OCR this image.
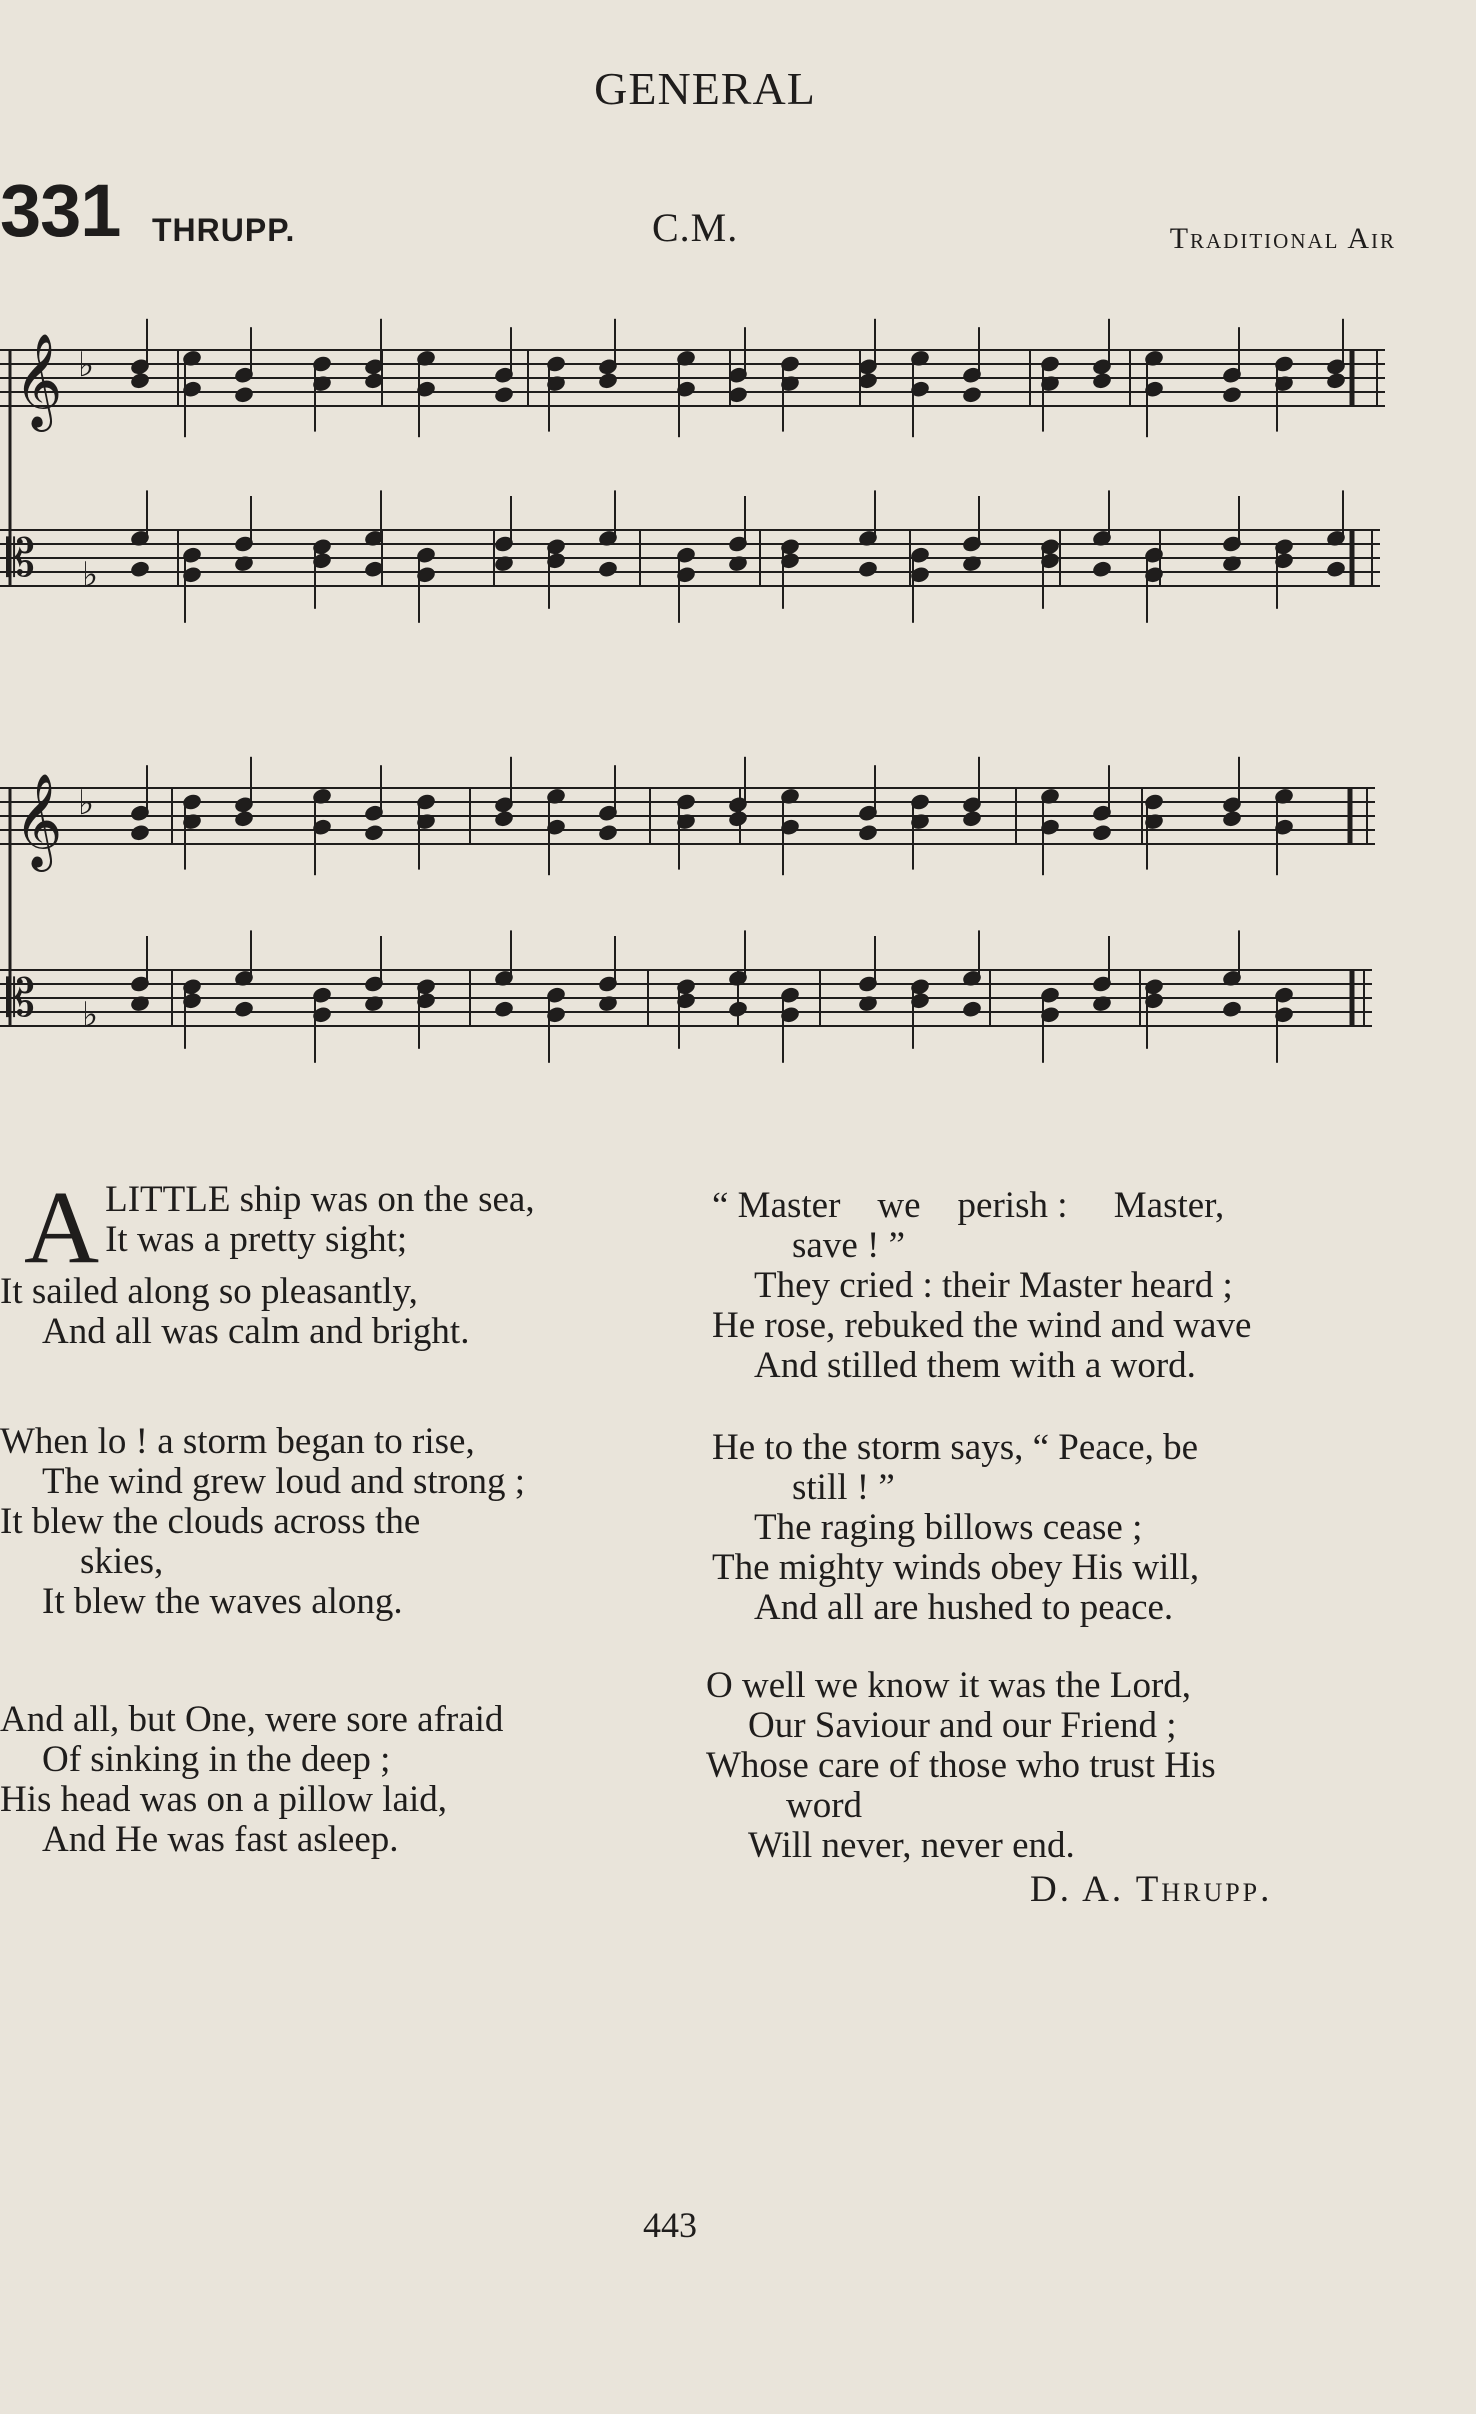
GENERAL
331 THRUPP.	C.M.	Traditional Air
𝄞
𝄞
𝄡
𝄡
♭
♭
♭
♭
A LITTLE ship was on the sea,
It was a pretty sight;
It sailed along so pleasantly,
And all was calm and bright.
When lo ! a storm began to rise,
The wind grew loud and strong ;
It blew the clouds across the
skies,
It blew the waves along.
And all, but One, were sore afraid
Of sinking in the deep ;
His head was on a pillow laid,
And He was fast asleep.
“ Master    we    perish :     Master,
save ! ”
They cried : their Master heard ;
He rose, rebuked the wind and wave
And stilled them with a word.
He to the storm says, “ Peace, be
still ! ”
The raging billows cease ;
The mighty winds obey His will,
And all are hushed to peace.
O well we know it was the Lord,
Our Saviour and our Friend ;
Whose care of those who trust His
word
Will never, never end.
D. A. Thrupp.
443
